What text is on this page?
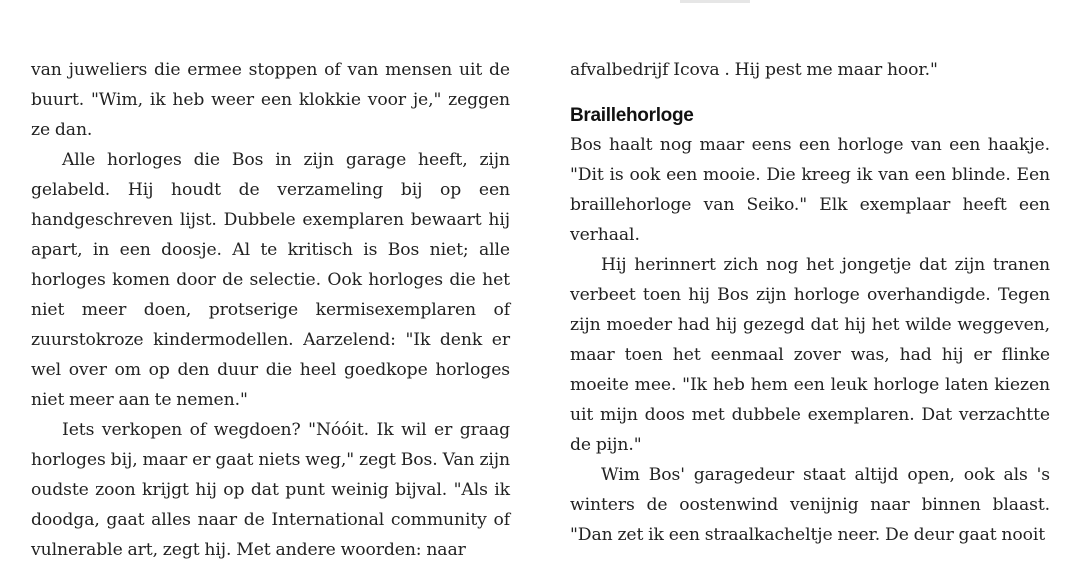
van juweliers die ermee stoppen of van mensen uit de buurt. "Wim, ik heb weer een klokkie voor je," zeggen ze dan.

Alle horloges die Bos in zijn garage heeft, zijn gelabeld. Hij houdt de verzameling bij op een handgeschreven lijst. Dubbele exemplaren bewaart hij apart, in een doosje. Al te kritisch is Bos niet; alle horloges komen door de selectie. Ook horloges die het niet meer doen, protserige kermisexemplaren of zuurstokroze kindermodellen. Aarzelend: "Ik denk er wel over om op den duur die heel goedkope horloges niet meer aan te nemen."

Iets verkopen of wegdoen? "Nóóit. Ik wil er graag horloges bij, maar er gaat niets weg," zegt Bos. Van zijn oudste zoon krijgt hij op dat punt weinig bijval. "Als ik doodga, gaat alles naar de International community of vulnerable art, zegt hij. Met andere woorden: naar

afvalbedrijf Icova . Hij pest me maar hoor."

Braillehorloge

Bos haalt nog maar eens een horloge van een haakje. "Dit is ook een mooie. Die kreeg ik van een blinde. Een braillehorloge van Seiko." Elk exemplaar heeft een verhaal.

Hij herinnert zich nog het jongetje dat zijn tranen verbeet toen hij Bos zijn horloge overhandigde. Tegen zijn moeder had hij gezegd dat hij het wilde weggeven, maar toen het eenmaal zover was, had hij er flinke moeite mee. "Ik heb hem een leuk horloge laten kiezen uit mijn doos met dubbele exemplaren. Dat verzachtte de pijn."

Wim Bos' garagedeur staat altijd open, ook als 's winters de oostenwind venijnig naar binnen blaast. "Dan zet ik een straalkacheltje neer. De deur gaat nooit
